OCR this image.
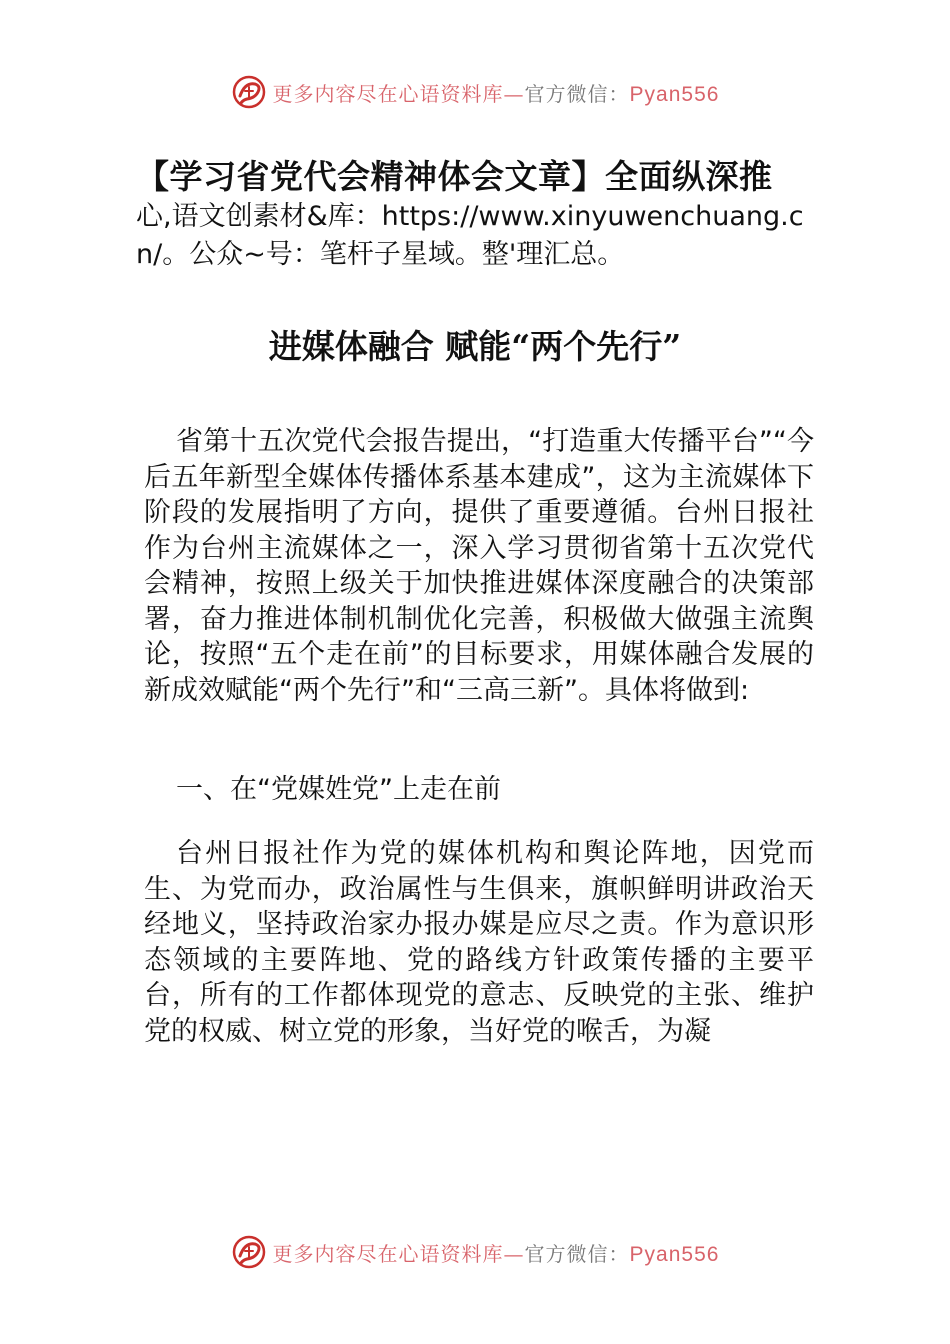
更多内容尽在心语资料库—官方微信：Pyan556
【学习省党代会精神体会文章】全面纵深推
心,语文创素材&库：https://www.xinyuwenchuang.cn/。公众~号：笔杆子星域。整'理汇总。
进媒体融合 赋能“两个先行”

省第十五次党代会报告提出，“打造重大传播平台”“今后五年新型全媒体传播体系基本建成”，这为主流媒体下阶段的发展指明了方向，提供了重要遵循。台州日报社作为台州主流媒体之一，深入学习贯彻省第十五次党代会精神，按照上级关于加快推进媒体深度融合的决策部署，奋力推进体制机制优化完善，积极做大做强主流舆论，按照“五个走在前”的目标要求，用媒体融合发展的新成效赋能“两个先行”和“三高三新”。具体将做到:

一、在“党媒姓党”上走在前

台州日报社作为党的媒体机构和舆论阵地，因党而生、为党而办，政治属性与生俱来，旗帜鲜明讲政治天经地义，坚持政治家办报办媒是应尽之责。作为意识形态领域的主要阵地、党的路线方针政策传播的主要平台，所有的工作都体现党的意志、反映党的主张、维护党的权威、树立党的形象，当好党的喉舌，为凝

更多内容尽在心语资料库—官方微信：Pyan556
